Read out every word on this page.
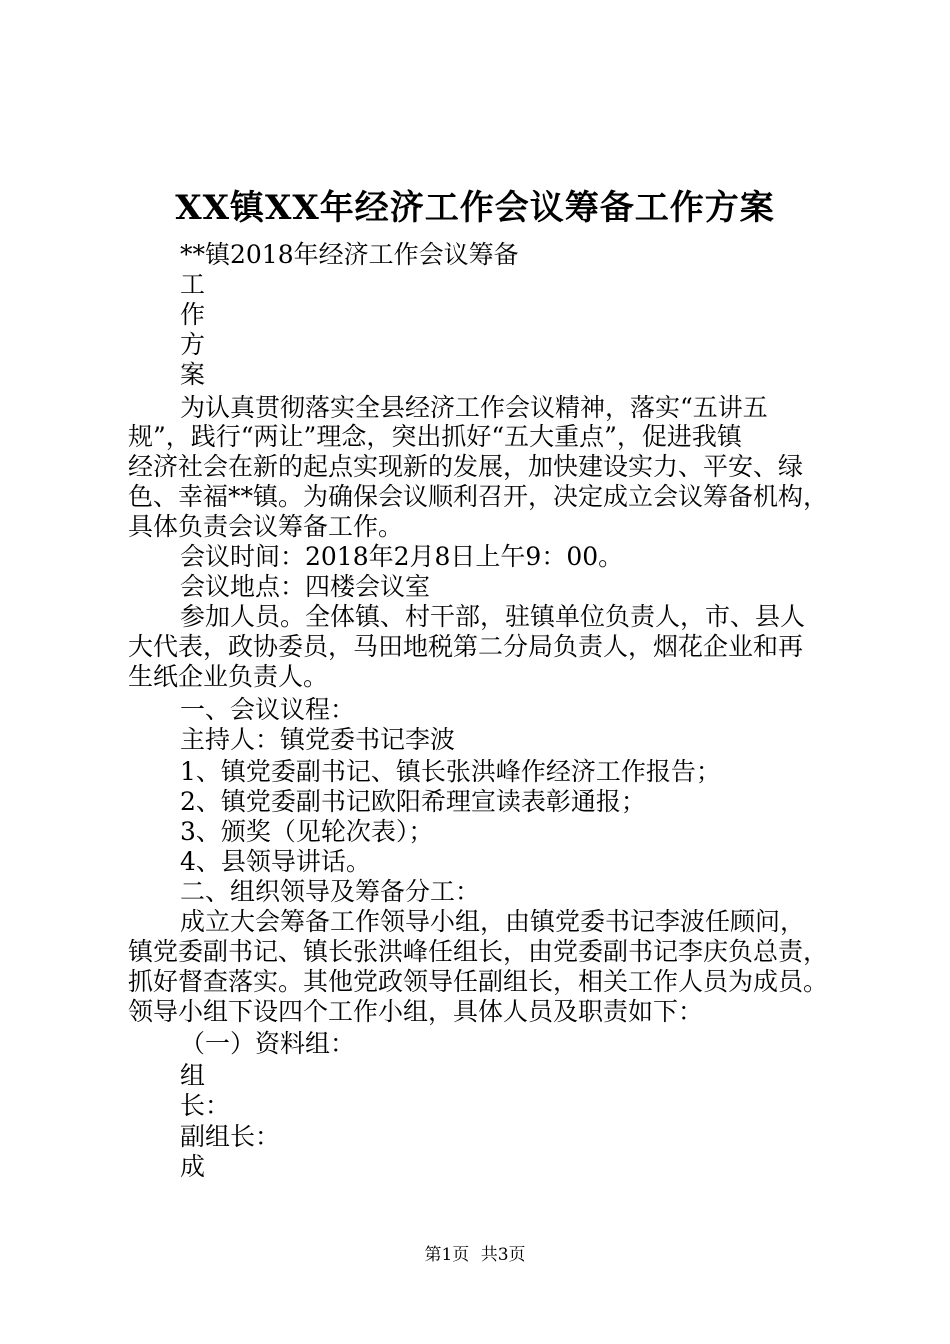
XX镇XX年经济工作会议筹备工作方案
**镇2018年经济工作会议筹备
工
作
方
案
为认真贯彻落实全县经济工作会议精神，落实“五讲五
规”，践行“两让”理念，突出抓好“五大重点”，促进我镇
经济社会在新的起点实现新的发展，加快建设实力、平安、绿
色、幸福**镇。为确保会议顺利召开，决定成立会议筹备机构，
具体负责会议筹备工作。
会议时间：2018年2月8日上午9：00。
会议地点：四楼会议室
参加人员。全体镇、村干部，驻镇单位负责人，市、县人
大代表，政协委员，马田地税第二分局负责人，烟花企业和再
生纸企业负责人。
一、会议议程：
主持人：镇党委书记李波
1、镇党委副书记、镇长张洪峰作经济工作报告；
2、镇党委副书记欧阳希理宣读表彰通报；
3、颁奖（见轮次表）；
4、县领导讲话。
二、组织领导及筹备分工：
成立大会筹备工作领导小组，由镇党委书记李波任顾问，
镇党委副书记、镇长张洪峰任组长，由党委副书记李庆负总责，
抓好督查落实。其他党政领导任副组长，相关工作人员为成员。
领导小组下设四个工作小组，具体人员及职责如下：
（一）资料组：
组
长：
副组长：
成
第1页 共3页
